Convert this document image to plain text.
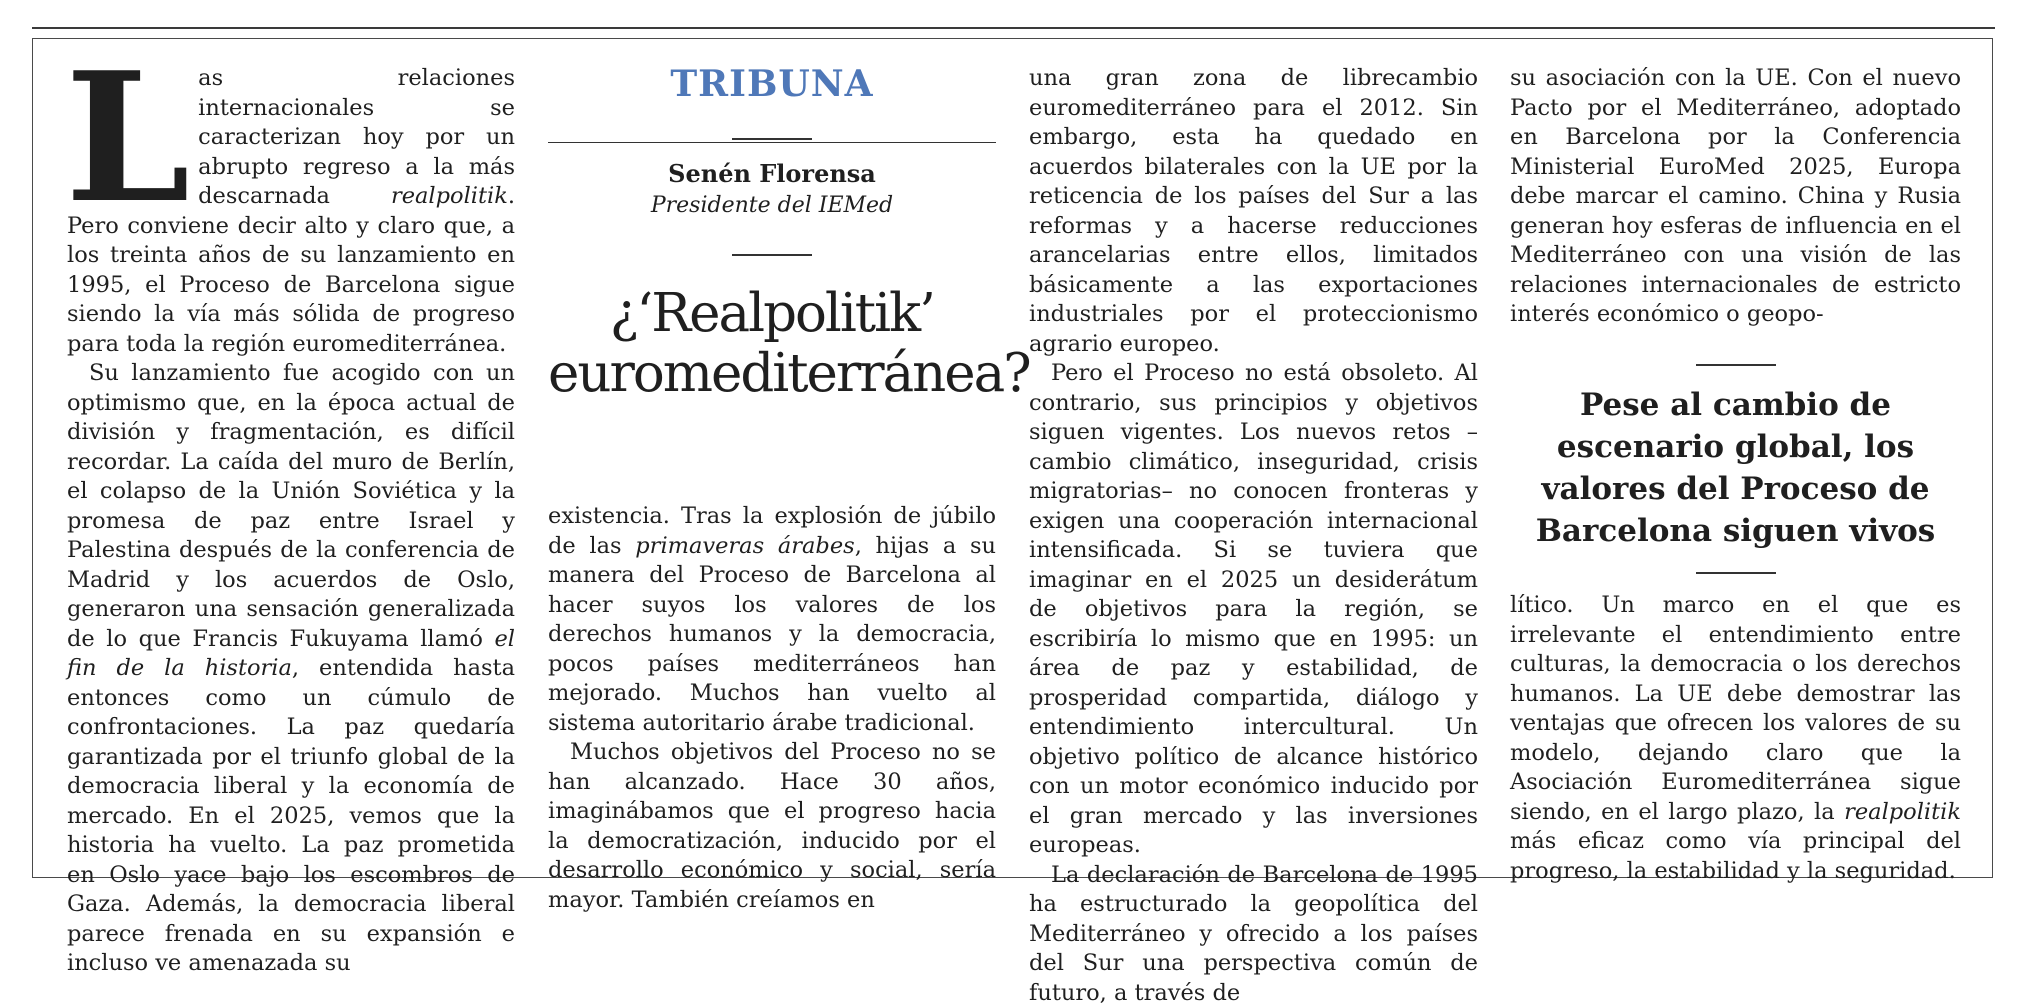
Las relaciones internacionales se caracterizan hoy por un abrupto regreso a la más descarnada realpolitik. Pero conviene decir alto y claro que, a los treinta años de su lanzamiento en 1995, el Proceso de Barcelona sigue siendo la vía más sólida de progreso para toda la región euromediterránea.

Su lanzamiento fue acogido con un optimismo que, en la época actual de división y fragmentación, es difícil recordar. La caída del muro de Berlín, el colapso de la Unión Soviética y la promesa de paz entre Israel y Palestina después de la conferencia de Madrid y los acuerdos de Oslo, generaron una sensación generalizada de lo que Francis Fukuyama llamó el fin de la historia, entendida hasta entonces como un cúmulo de confrontaciones. La paz quedaría garantizada por el triunfo global de la democracia liberal y la economía de mercado. En el 2025, vemos que la historia ha vuelto. La paz prometida en Oslo yace bajo los escombros de Gaza. Además, la democracia liberal parece frenada en su expansión e incluso ve amenazada su

TRIBUNA
Senén Florensa
Presidente del IEMed
¿‘Realpolitik’ euromediterránea?

existencia. Tras la explosión de júbilo de las primaveras árabes, hijas a su manera del Proceso de Barcelona al hacer suyos los valores de los derechos humanos y la democracia, pocos países mediterráneos han mejorado. Muchos han vuelto al sistema autoritario árabe tradicional.

Muchos objetivos del Proceso no se han alcanzado. Hace 30 años, imaginábamos que el progreso hacia la democratización, inducido por el desarrollo económico y social, sería mayor. También creíamos en

una gran zona de librecambio euromediterráneo para el 2012. Sin embargo, esta ha quedado en acuerdos bilaterales con la UE por la reticencia de los países del Sur a las reformas y a hacerse reducciones arancelarias entre ellos, limitados básicamente a las exportaciones industriales por el proteccionismo agrario europeo.

Pero el Proceso no está obsoleto. Al contrario, sus principios y objetivos siguen vigentes. Los nuevos retos –cambio climático, inseguridad, crisis migratorias– no conocen fronteras y exigen una cooperación internacional intensificada. Si se tuviera que imaginar en el 2025 un desiderátum de objetivos para la región, se escribiría lo mismo que en 1995: un área de paz y estabilidad, de prosperidad compartida, diálogo y entendimiento intercultural. Un objetivo político de alcance histórico con un motor económico inducido por el gran mercado y las inversiones europeas.

La declaración de Barcelona de 1995 ha estructurado la geopolítica del Mediterráneo y ofrecido a los países del Sur una perspectiva común de futuro, a través de

su asociación con la UE. Con el nuevo Pacto por el Mediterráneo, adoptado en Barcelona por la Conferencia Ministerial EuroMed 2025, Europa debe marcar el camino. China y Rusia generan hoy esferas de influencia en el Mediterráneo con una visión de las relaciones internacionales de estricto interés económico o geopo-

Pese al cambio de escenario global, los valores del Proceso de Barcelona siguen vivos

lítico. Un marco en el que es irrelevante el entendimiento entre culturas, la democracia o los derechos humanos. La UE debe demostrar las ventajas que ofrecen los valores de su modelo, dejando claro que la Asociación Euromediterránea sigue siendo, en el largo plazo, la realpolitik más eficaz como vía principal del progreso, la estabilidad y la seguridad.
